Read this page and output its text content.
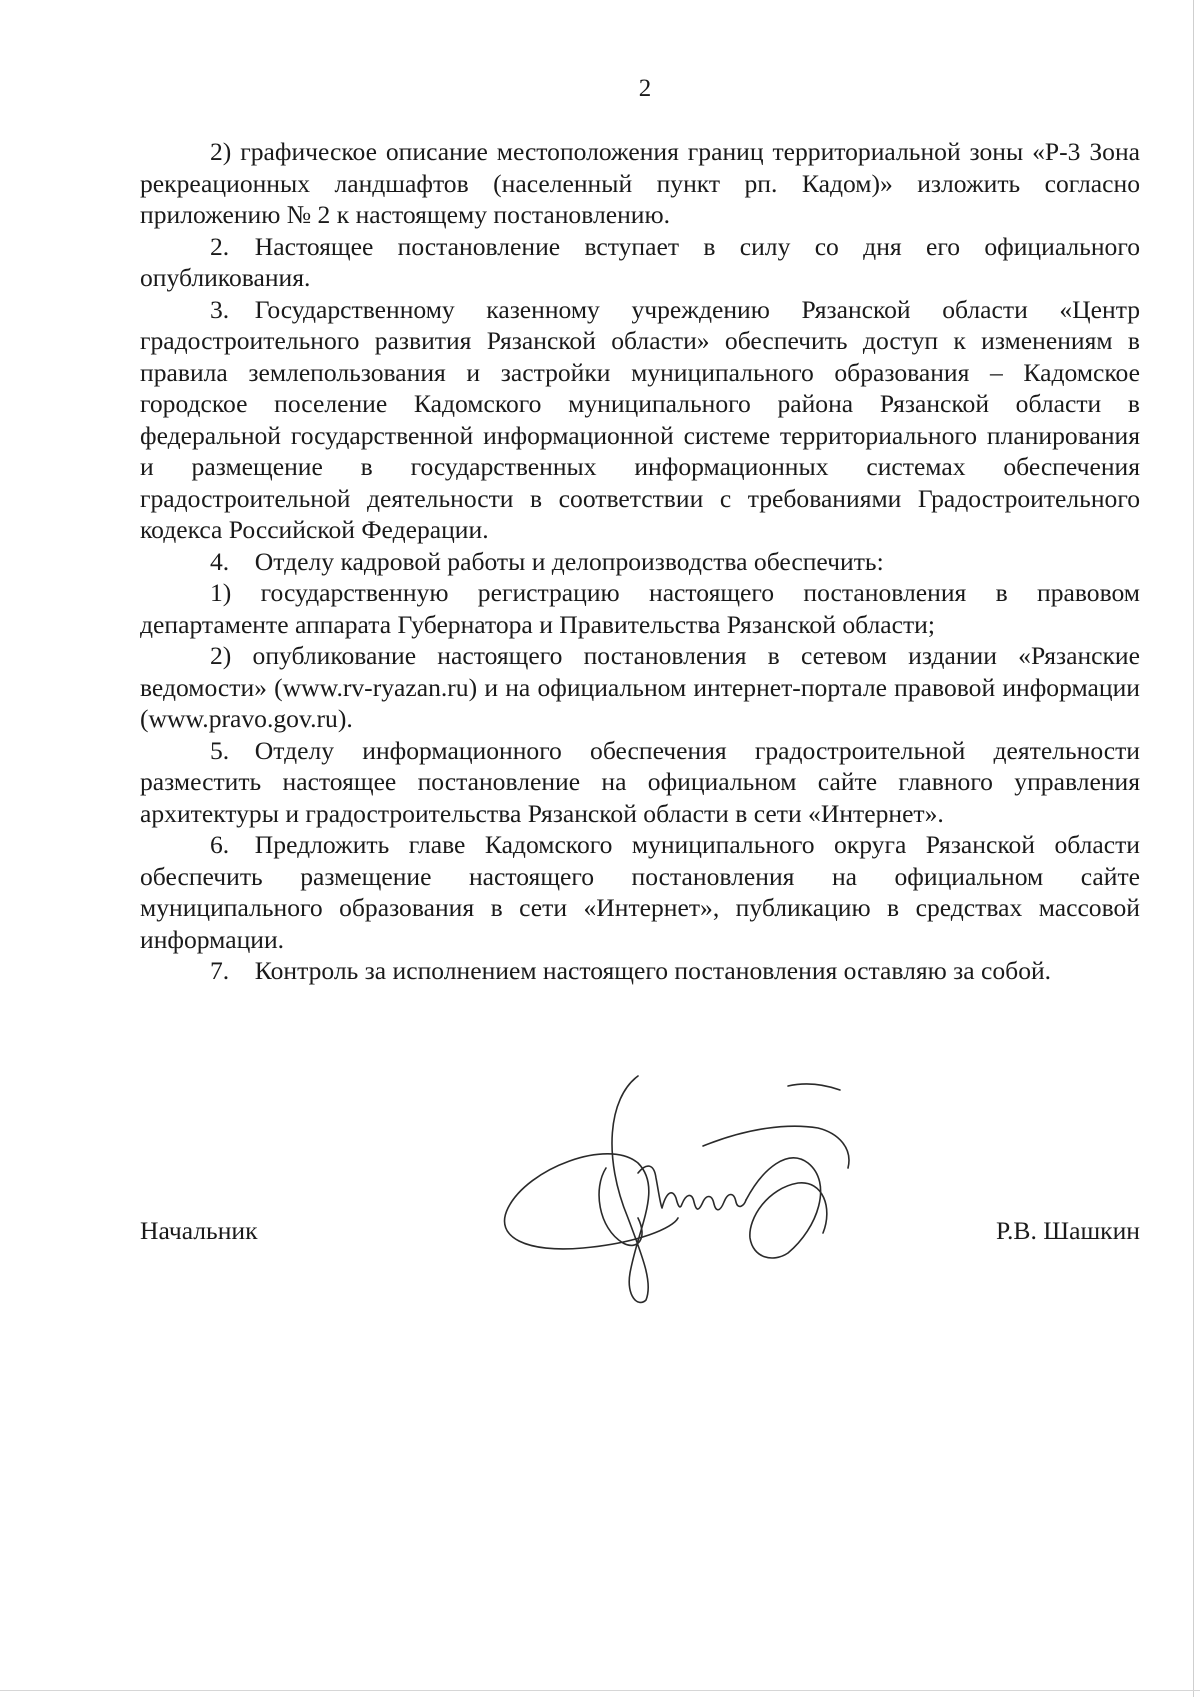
2

2) графическое описание местоположения границ территориальной зоны «Р-3 Зона рекреационных ландшафтов (населенный пункт рп. Кадом)» изложить согласно приложению № 2 к настоящему постановлению.

2. Настоящее постановление вступает в силу со дня его официального опубликования.

3. Государственному казенному учреждению Рязанской области «Центр градостроительного развития Рязанской области» обеспечить доступ к изменениям в правила землепользования и застройки муниципального образования – Кадомское городское поселение Кадомского муниципального района Рязанской области в федеральной государственной информационной системе территориального планирования и размещение в государственных информационных системах обеспечения градостроительной деятельности в соответствии с требованиями Градостроительного кодекса Российской Федерации.

4. Отделу кадровой работы и делопроизводства обеспечить:

1) государственную регистрацию настоящего постановления в правовом департаменте аппарата Губернатора и Правительства Рязанской области;

2) опубликование настоящего постановления в сетевом издании «Рязанские ведомости» (www.rv-ryazan.ru) и на официальном интернет-портале правовой информации (www.pravo.gov.ru).

5. Отделу информационного обеспечения градостроительной деятельности разместить настоящее постановление на официальном сайте главного управления архитектуры и градостроительства Рязанской области в сети «Интернет».

6. Предложить главе Кадомского муниципального округа Рязанской области обеспечить размещение настоящего постановления на официальном сайте муниципального образования в сети «Интернет», публикацию в средствах массовой информации.

7. Контроль за исполнением настоящего постановления оставляю за собой.

Начальник	Р.В. Шашкин
